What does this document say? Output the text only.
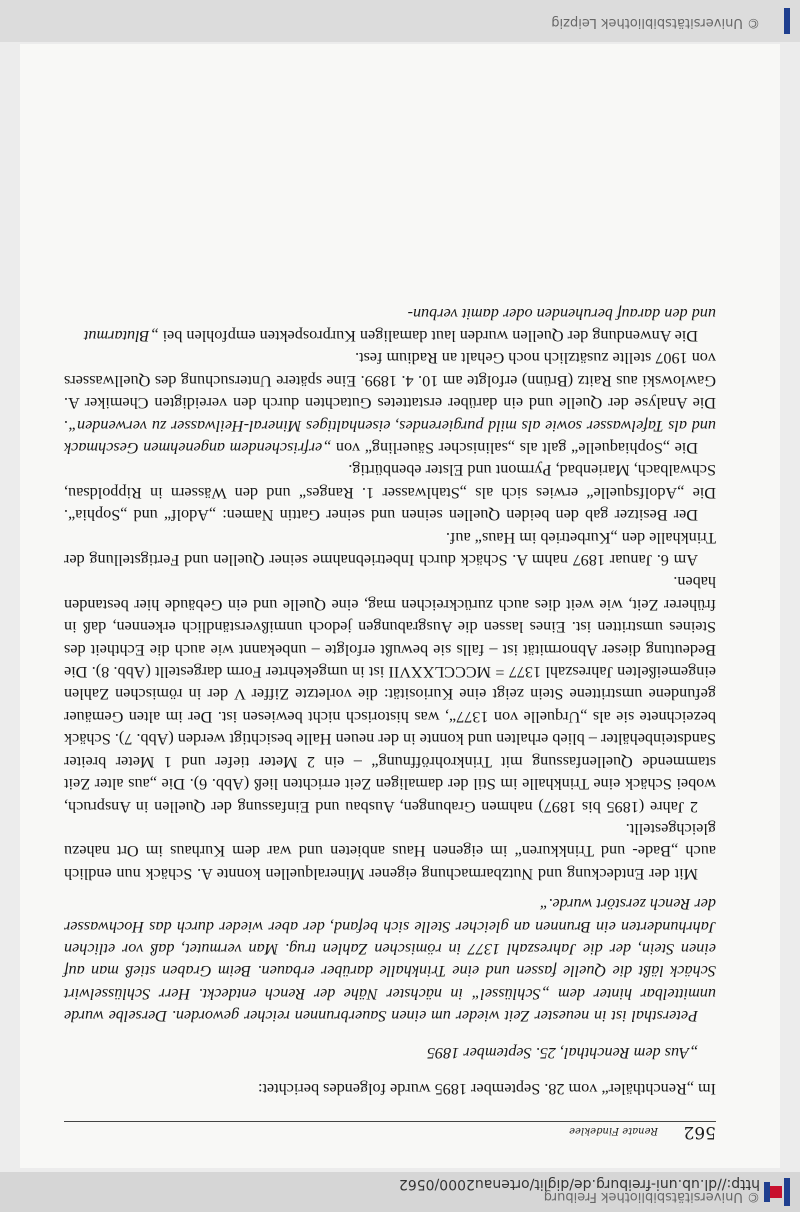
© Universitätsbibliothek Freiburg
http://dl.ub.uni-freiburg.de/diglit/ortenau2000/0562
562
Renate Findeklee

Im „Renchthäler“ vom 28. September 1895 wurde folgendes berichtet:

„Aus dem Renchthal, 25. September 1895

Petersthal ist in neuester Zeit wieder um einen Sauerbrunnen reicher geworden. Derselbe wurde unmittelbar hinter dem „Schlüssel“ in nächster Nähe der Rench entdeckt. Herr Schlüsselwirt Schäck läßt die Quelle fassen und eine Trinkhalle darüber erbauen. Beim Graben stieß man auf einen Stein, der die Jahreszahl 1377 in römischen Zahlen trug. Man vermutet, daß vor etlichen Jahrhunderten ein Brunnen an gleicher Stelle sich befand, der aber wieder durch das Hochwasser der Rench zerstört wurde.“

Mit der Entdeckung und Nutzbarmachung eigener Mineralquellen konnte A. Schäck nun endlich auch „Bade- und Trinkkuren“ im eigenen Haus anbieten und war dem Kurhaus im Ort nahezu gleichgestellt.

2 Jahre (1895 bis 1897) nahmen Grabungen, Ausbau und Einfassung der Quellen in Anspruch, wobei Schäck eine Trinkhalle im Stil der damaligen Zeit errichten ließ (Abb. 6). Die „aus alter Zeit stammende Quellenfassung mit Trinkrohröffnung“ – ein 2 Meter tiefer und 1 Meter breiter Sandsteinbehälter – blieb erhalten und konnte in der neuen Halle besichtigt werden (Abb. 7). Schäck bezeichnete sie als „Urquelle von 1377“, was historisch nicht bewiesen ist. Der im alten Gemäuer gefundene umstrittene Stein zeigt eine Kuriosität: die vorletzte Ziffer V der in römischen Zahlen eingemeißelten Jahreszahl 1377 = MCCCLXXVII ist in umgekehrter Form dargestellt (Abb. 8). Die Bedeutung dieser Abnormität ist – falls sie bewußt erfolgte – unbekannt wie auch die Echtheit des Steines umstritten ist. Eines lassen die Ausgrabungen jedoch unmißverständlich erkennen, daß in früherer Zeit, wie weit dies auch zurückreichen mag, eine Quelle und ein Gebäude hier bestanden haben.

Am 6. Januar 1897 nahm A. Schäck durch Inbetriebnahme seiner Quellen und Fertigstellung der Trinkhalle den „Kurbetrieb im Haus“ auf.

Der Besitzer gab den beiden Quellen seinen und seiner Gattin Namen: „Adolf“ und „Sophia“. Die „Adolfsquelle“ erwies sich als „Stahlwasser 1. Ranges“ und den Wässern in Rippoldsau, Schwalbach, Marienbad, Pyrmont und Elster ebenbürtig.

Die „Sophiaquelle“ galt als „salinischer Säuerling“ von „erfrischendem angenehmen Geschmack und als Tafelwasser sowie als mild purgierendes, eisenhaltiges Mineral-Heilwasser zu verwenden“. Die Analyse der Quelle und ein darüber erstattetes Gutachten durch den vereidigten Chemiker A. Gawlowski aus Raitz (Brünn) erfolgte am 10. 4. 1899. Eine spätere Untersuchung des Quellwassers von 1907 stellte zusätzlich noch Gehalt an Radium fest.

Die Anwendung der Quellen wurden laut damaligen Kurprospekten empfohlen bei „Blutarmut und den darauf beruhenden oder damit verbun-

© Universitätsbibliothek Leipzig
